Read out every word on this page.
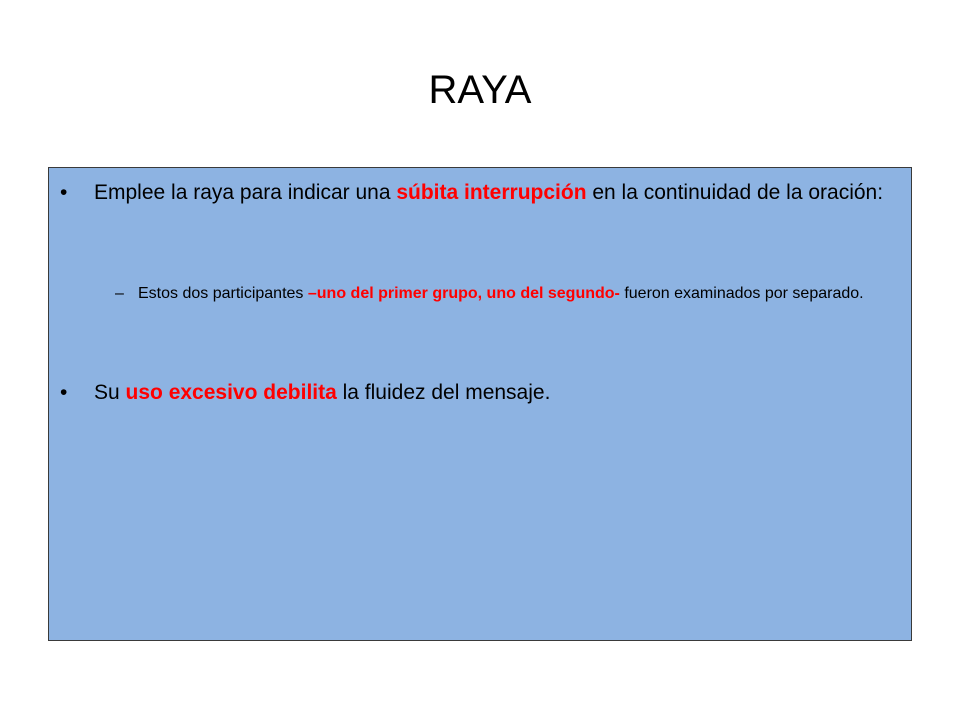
RAYA
•	Emplee la raya para indicar una súbita interrupción en la continuidad de la oración:
– Estos dos participantes –uno del primer grupo, uno del segundo- fueron examinados por separado.
•	Su uso excesivo debilita la fluidez del mensaje.
